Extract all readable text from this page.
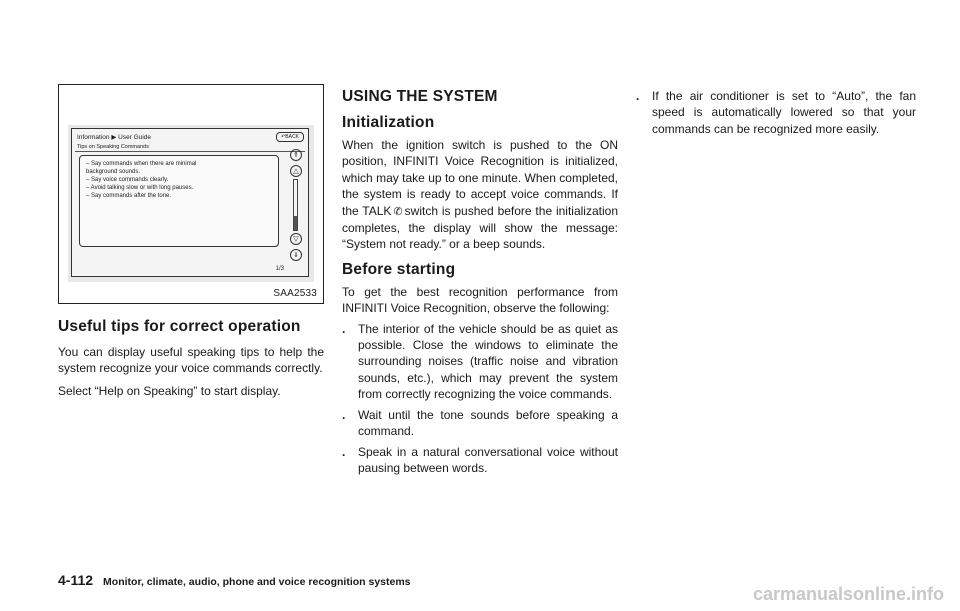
Information ▶ User Guide	↶BACK
Tips on Speaking Commands

– Say commands when there are minimal

background sounds.

– Say voice commands clearly.

– Avoid talking slow or with long pauses.

– Say commands after the tone.

⇑
△
▽
⇓
1/3
SAA2533
Useful tips for correct operation

You can display useful speaking tips to help the system recognize your voice commands correctly.

Select “Help on Speaking” to start display.

USING THE SYSTEM
Initialization

When the ignition switch is pushed to the ON position, INFINITI Voice Recognition is initialized, which may take up to one minute. When completed, the system is ready to accept voice commands. If the TALK ✆ switch is pushed before the initialization completes, the display will show the message: “System not ready.” or a beep sounds.

Before starting

To get the best recognition performance from INFINITI Voice Recognition, observe the following:

. The interior of the vehicle should be as quiet as possible. Close the windows to eliminate the surrounding noises (traffic noise and vibration sounds, etc.), which may prevent the system from correctly recognizing the voice commands.
. Wait until the tone sounds before speaking a command.
. Speak in a natural conversational voice without pausing between words.
. If the air conditioner is set to “Auto”, the fan speed is automatically lowered so that your commands can be recognized more easily.
4-112 Monitor, climate, audio, phone and voice recognition systems
carmanualsonline.info
